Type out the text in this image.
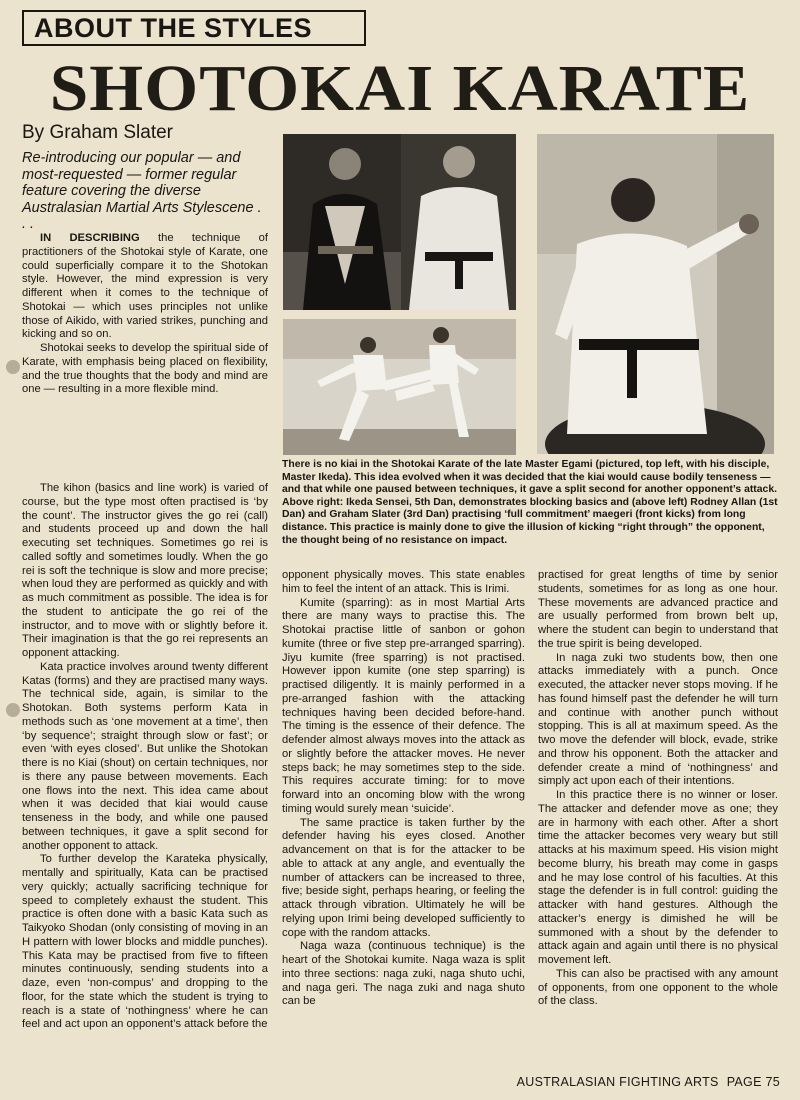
ABOUT THE STYLES
SHOTOKAI KARATE
By Graham Slater
Re-introducing our popular — and most-requested — former regular feature covering the diverse Australasian Martial Arts Stylescene . . .

IN DESCRIBING the technique of practitioners of the Shotokai style of Karate, one could superficially compare it to the Shotokan style. However, the mind expression is very different when it comes to the technique of Shotokai — which uses principles not unlike those of Aikido, with varied strikes, punching and kicking and so on.

Shotokai seeks to develop the spiritual side of Karate, with emphasis being placed on flexibility, and the true thoughts that the body and mind are one — resulting in a more flexible mind.

The kihon (basics and line work) is varied of course, but the type most often practised is ‘by the count’. The instructor gives the go rei (call) and students proceed up and down the hall executing set techniques. Sometimes go rei is called softly and sometimes loudly. When the go rei is soft the technique is slow and more precise; when loud they are performed as quickly and with as much commitment as possible. The idea is for the student to anticipate the go rei of the instructor, and to move with or slightly before it. Their imagination is that the go rei represents an opponent attacking.

Kata practice involves around twenty different Katas (forms) and they are practised many ways. The technical side, again, is similar to the Shotokan. Both systems perform Kata in methods such as ‘one movement at a time’, then ‘by sequence’; straight through slow or fast’; or even ‘with eyes closed’. But unlike the Shotokan there is no Kiai (shout) on certain techniques, nor is there any pause between movements. Each one flows into the next. This idea came about when it was decided that kiai would cause tenseness in the body, and while one paused between techniques, it gave a split second for another opponent to attack.

To further develop the Karateka physically, mentally and spiritually, Kata can be practised very quickly; actually sacrificing technique for speed to completely exhaust the student. This practice is often done with a basic Kata such as Taikyoko Shodan (only consisting of moving in an H pattern with lower blocks and middle punches). This Kata may be practised from five to fifteen minutes continuously, sending students into a daze, even ‘non-compus’ and dropping to the floor, for the state which the student is trying to reach is a state of ‘nothingness’ where he can feel and act upon an opponent’s attack before the

There is no kiai in the Shotokai Karate of the late Master Egami (pictured, top left, with his disciple, Master Ikeda). This idea evolved when it was decided that the kiai would cause bodily tenseness — and that while one paused between techniques, it gave a split second for another opponent’s attack. Above right: Ikeda Sensei, 5th Dan, demonstrates blocking basics and (above left) Rodney Allan (1st Dan) and Graham Slater (3rd Dan) practising ‘full commitment’ maegeri (front kicks) from long distance. This practice is mainly done to give the illusion of kicking “right through” the opponent, the thought being of no resistance on impact.

opponent physically moves. This state enables him to feel the intent of an attack. This is Irimi.

Kumite (sparring): as in most Martial Arts there are many ways to practise this. The Shotokai practise little of sanbon or gohon kumite (three or five step pre-arranged sparring). Jiyu kumite (free sparring) is not practised. However ippon kumite (one step sparring) is practised diligently. It is mainly performed in a pre-arranged fashion with the attacking techniques having been decided before-hand. The timing is the essence of their defence. The defender almost always moves into the attack as or slightly before the attacker moves. He never steps back; he may sometimes step to the side. This requires accurate timing: for to move forward into an oncoming blow with the wrong timing would surely mean ‘suicide’.

The same practice is taken further by the defender having his eyes closed. Another advancement on that is for the attacker to be able to attack at any angle, and eventually the number of attackers can be increased to three, five; beside sight, perhaps hearing, or feeling the attack through vibration. Ultimately he will be relying upon Irimi being developed sufficiently to cope with the random attacks.

Naga waza (continuous technique) is the heart of the Shotokai kumite. Naga waza is split into three sections: naga zuki, naga shuto uchi, and naga geri. The naga zuki and naga shuto can be

practised for great lengths of time by senior students, sometimes for as long as one hour. These movements are advanced practice and are usually performed from brown belt up, where the student can begin to understand that the true spirit is being developed.

In naga zuki two students bow, then one attacks immediately with a punch. Once executed, the attacker never stops moving. If he has found himself past the defender he will turn and continue with another punch without stopping. This is all at maximum speed. As the two move the defender will block, evade, strike and throw his opponent. Both the attacker and defender create a mind of ‘nothingness’ and simply act upon each of their intentions.

In this practice there is no winner or loser. The attacker and defender move as one; they are in harmony with each other. After a short time the attacker becomes very weary but still attacks at his maximum speed. His vision might become blurry, his breath may come in gasps and he may lose control of his faculties. At this stage the defender is in full control: guiding the attacker with hand gestures. Although the attacker’s energy is dimished he will be summoned with a shout by the defender to attack again and again until there is no physical movement left.

This can also be practised with any amount of opponents, from one opponent to the whole of the class.

AUSTRALASIAN FIGHTING ARTS PAGE 75
